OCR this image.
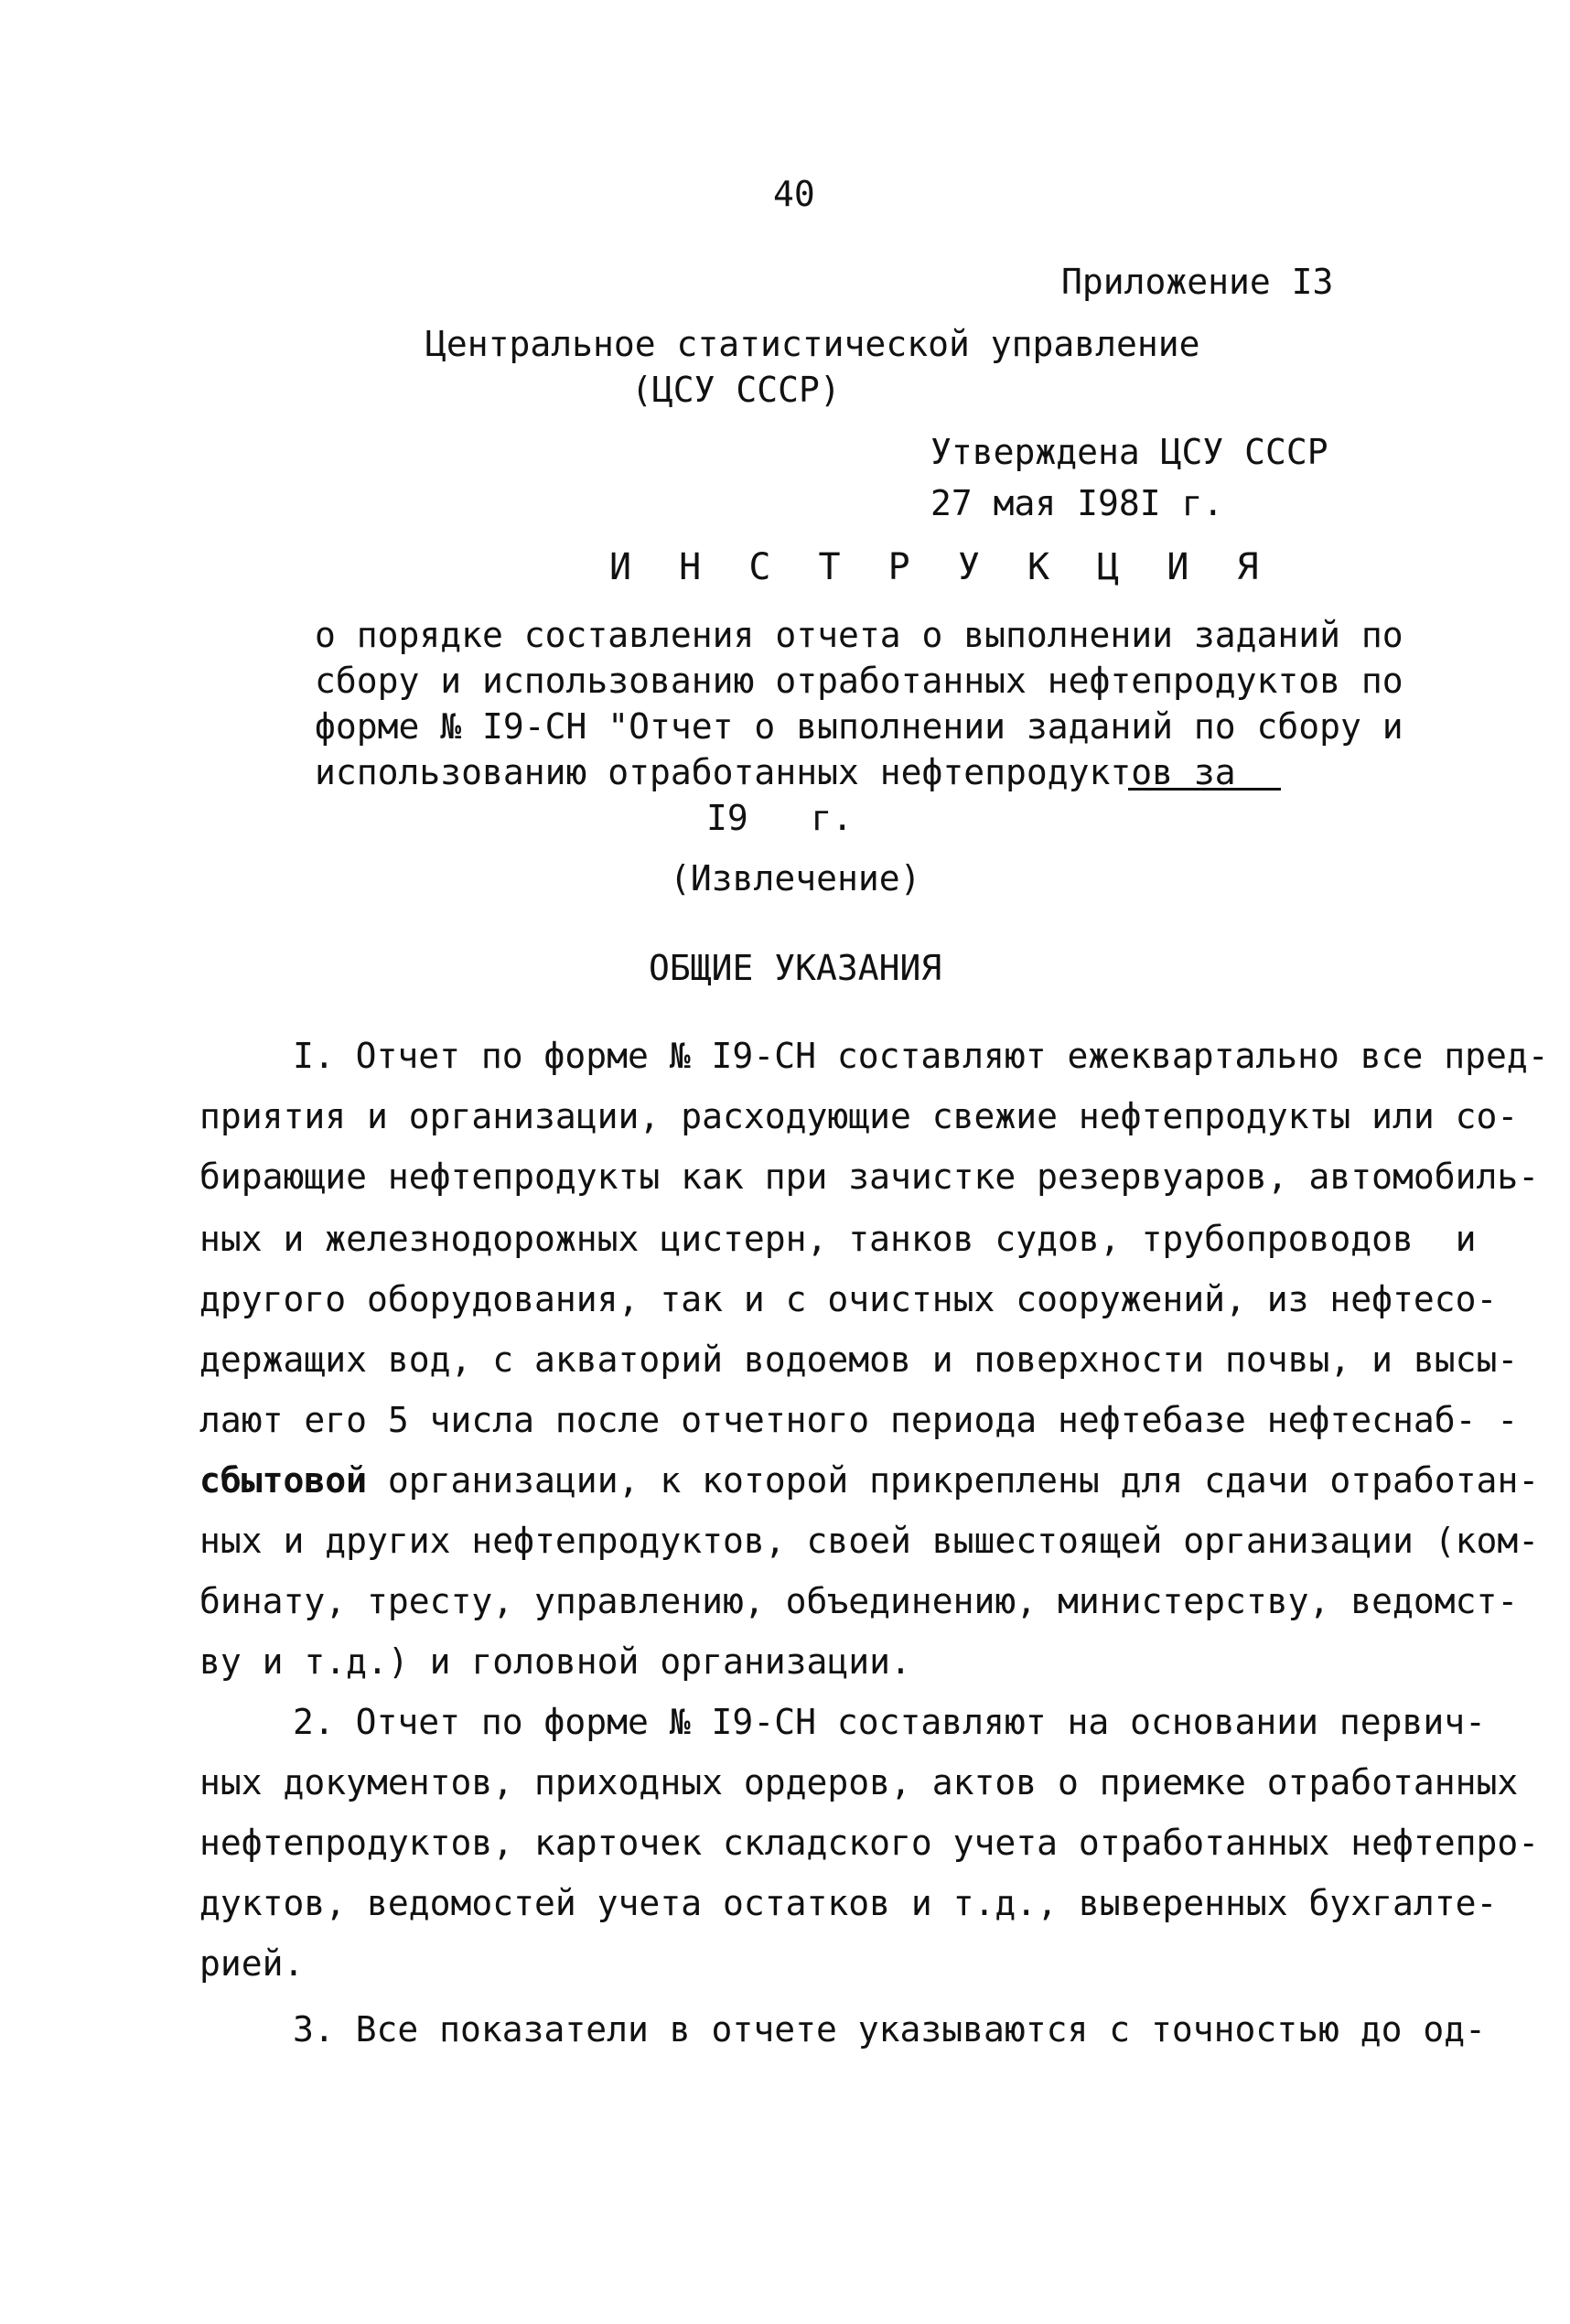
40
Приложение I3
Центральное статистической управление
(ЦСУ СССР)
Утверждена ЦСУ СССР
27 мая I98I г.
И Н С Т Р У К Ц И Я
о порядке составления отчета о выполнении заданий по
сбору и использованию отработанных нефтепродуктов по
форме № I9-СН "Отчет о выполнении заданий по сбору и
использованию отработанных нефтепродуктов за
I9   г.
(Извлечение)
ОБЩИЕ УКАЗАНИЯ
I. Отчет по форме № I9-СН составляют ежеквартально все пред-
приятия и организации, расходующие свежие нефтепродукты или со-
бирающие нефтепродукты как при зачистке резервуаров, автомобиль-
ных и железнодорожных цистерн, танков судов, трубопроводов  и
другого оборудования, так и с очистных сооружений, из нефтесо-
держащих вод, с акваторий водоемов и поверхности почвы, и высы-
лают его 5 числа после отчетного периода нефтебазе нефтеснаб- -
сбытовой организации, к которой прикреплены для сдачи отработан-
ных и других нефтепродуктов, своей вышестоящей организации (ком-
бинату, тресту, управлению, объединению, министерству, ведомст-
ву и т.д.) и головной организации.
2. Отчет по форме № I9-СН составляют на основании первич-
ных документов, приходных ордеров, актов о приемке отработанных
нефтепродуктов, карточек складского учета отработанных нефтепро-
дуктов, ведомостей учета остатков и т.д., выверенных бухгалте-
рией.
3. Все показатели в отчете указываются с точностью до од-
